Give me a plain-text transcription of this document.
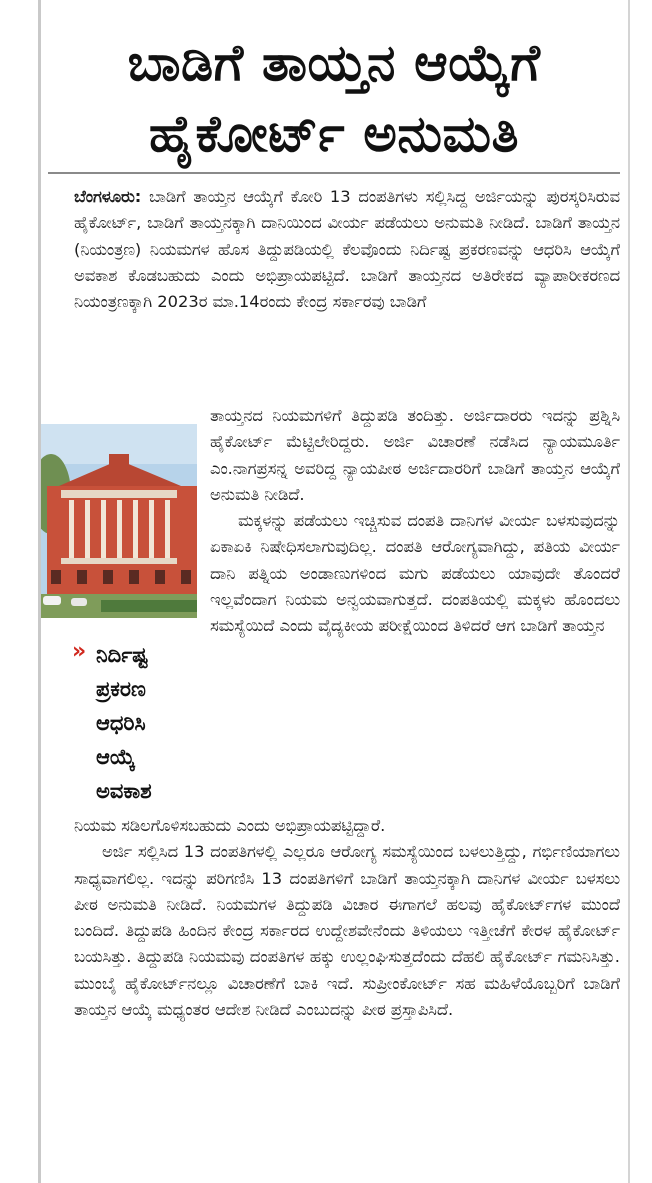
ಬಾಡಿಗೆ ತಾಯ್ತನ ಆಯ್ಕೆಗೆ
ಹೈಕೋರ್ಟ್ ಅನುಮತಿ
ಬೆಂಗಳೂರು: ಬಾಡಿಗೆ ತಾಯ್ತನ ಆಯ್ಕೆಗೆ ಕೋರಿ 13 ದಂಪತಿಗಳು ಸಲ್ಲಿಸಿದ್ದ ಅರ್ಜಿಯನ್ನು ಪುರಸ್ಕರಿಸಿರುವ ಹೈಕೋರ್ಟ್, ಬಾಡಿಗೆ ತಾಯ್ತನಕ್ಕಾಗಿ ದಾನಿಯಿಂದ ವೀರ್ಯ ಪಡೆಯಲು ಅನುಮತಿ ನೀಡಿದೆ. ಬಾಡಿಗೆ ತಾಯ್ತನ (ನಿಯಂತ್ರಣ) ನಿಯಮಗಳ ಹೊಸ ತಿದ್ದುಪಡಿಯಲ್ಲಿ ಕೆಲವೊಂದು ನಿರ್ದಿಷ್ಟ ಪ್ರಕರಣವನ್ನು ಆಧರಿಸಿ ಆಯ್ಕೆಗೆ ಅವಕಾಶ ಕೊಡಬಹುದು ಎಂದು ಅಭಿಪ್ರಾಯಪಟ್ಟಿದೆ. ಬಾಡಿಗೆ ತಾಯ್ತನದ ಅತಿರೇಕದ ವ್ಯಾಪಾರೀಕರಣದ ನಿಯಂತ್ರಣಕ್ಕಾಗಿ 2023ರ ಮಾ.14ರಂದು ಕೇಂದ್ರ ಸರ್ಕಾರವು ಬಾಡಿಗೆ
ತಾಯ್ತನದ ನಿಯಮಗಳಿಗೆ ತಿದ್ದುಪಡಿ ತಂದಿತ್ತು. ಅರ್ಜಿದಾರರು ಇದನ್ನು ಪ್ರಶ್ನಿಸಿ ಹೈಕೋರ್ಟ್ ಮೆಟ್ಟಿಲೇರಿದ್ದರು. ಅರ್ಜಿ ವಿಚಾರಣೆ ನಡೆಸಿದ ನ್ಯಾಯಮೂರ್ತಿ ಎಂ.ನಾಗಪ್ರಸನ್ನ ಅವರಿದ್ದ ನ್ಯಾಯಪೀಠ ಅರ್ಜಿದಾರರಿಗೆ ಬಾಡಿಗೆ ತಾಯ್ತನ ಆಯ್ಕೆಗೆ ಅನುಮತಿ ನೀಡಿದೆ.
ಮಕ್ಕಳನ್ನು ಪಡೆಯಲು ಇಚ್ಚಿಸುವ ದಂಪತಿ ದಾನಿಗಳ ವೀರ್ಯ ಬಳಸುವುದನ್ನು ಏಕಾಏಕಿ ನಿಷೇಧಿಸಲಾಗುವುದಿಲ್ಲ. ದಂಪತಿ ಆರೋಗ್ಯವಾಗಿದ್ದು, ಪತಿಯ ವೀರ್ಯ ದಾನಿ ಪತ್ನಿಯ ಅಂಡಾಣುಗಳಿಂದ ಮಗು ಪಡೆಯಲು ಯಾವುದೇ ತೊಂದರೆ ಇಲ್ಲವೆಂದಾಗ ನಿಯಮ ಅನ್ವಯವಾಗುತ್ತದೆ. ದಂಪತಿಯಲ್ಲಿ ಮಕ್ಕಳು ಹೊಂದಲು ಸಮಸ್ಯೆಯಿದೆ ಎಂದು ವೈದ್ಯಕೀಯ ಪರೀಕ್ಷೆಯಿಂದ ತಿಳಿದರೆ ಆಗ ಬಾಡಿಗೆ ತಾಯ್ತನ
» ನಿರ್ದಿಷ್ಟ
ಪ್ರಕರಣ
ಆಧರಿಸಿ
ಆಯ್ಕೆ
ಅವಕಾಶ
ನಿಯಮ ಸಡಿಲಗೊಳಿಸಬಹುದು ಎಂದು ಅಭಿಪ್ರಾಯಪಟ್ಟಿದ್ದಾರೆ.
ಅರ್ಜಿ ಸಲ್ಲಿಸಿದ 13 ದಂಪತಿಗಳಲ್ಲಿ ಎಲ್ಲರೂ ಆರೋಗ್ಯ ಸಮಸ್ಯೆಯಿಂದ ಬಳಲುತ್ತಿದ್ದು, ಗರ್ಭಿಣಿಯಾಗಲು ಸಾಧ್ಯವಾಗಲಿಲ್ಲ. ಇದನ್ನು ಪರಿಗಣಿಸಿ 13 ದಂಪತಿಗಳಿಗೆ ಬಾಡಿಗೆ ತಾಯ್ತನಕ್ಕಾಗಿ ದಾನಿಗಳ ವೀರ್ಯ ಬಳಸಲು ಪೀಠ ಅನುಮತಿ ನೀಡಿದೆ. ನಿಯಮಗಳ ತಿದ್ದುಪಡಿ ವಿಚಾರ ಈಗಾಗಲೆ ಹಲವು ಹೈಕೋರ್ಟ್‌ಗಳ ಮುಂದೆ ಬಂದಿದೆ. ತಿದ್ದುಪಡಿ ಹಿಂದಿನ ಕೇಂದ್ರ ಸರ್ಕಾರದ ಉದ್ದೇಶವೇನೆಂದು ತಿಳಿಯಲು ಇತ್ತೀಚೆಗೆ ಕೇರಳ ಹೈಕೋರ್ಟ್ ಬಯಸಿತ್ತು. ತಿದ್ದುಪಡಿ ನಿಯಮವು ದಂಪತಿಗಳ ಹಕ್ಕು ಉಲ್ಲಂಘಿಸುತ್ತದೆಂದು ದೆಹಲಿ ಹೈಕೋರ್ಟ್ ಗಮನಿಸಿತ್ತು. ಮುಂಬೈ ಹೈಕೋರ್ಟ್‌ನಲ್ಲೂ ವಿಚಾರಣೆಗೆ ಬಾಕಿ ಇದೆ. ಸುಪ್ರೀಂಕೋರ್ಟ್ ಸಹ ಮಹಿಳೆಯೊಬ್ಬರಿಗೆ ಬಾಡಿಗೆ ತಾಯ್ತನ ಆಯ್ಕೆ ಮಧ್ಯಂತರ ಆದೇಶ ನೀಡಿದೆ ಎಂಬುದನ್ನು ಪೀಠ ಪ್ರಸ್ತಾಪಿಸಿದೆ.
